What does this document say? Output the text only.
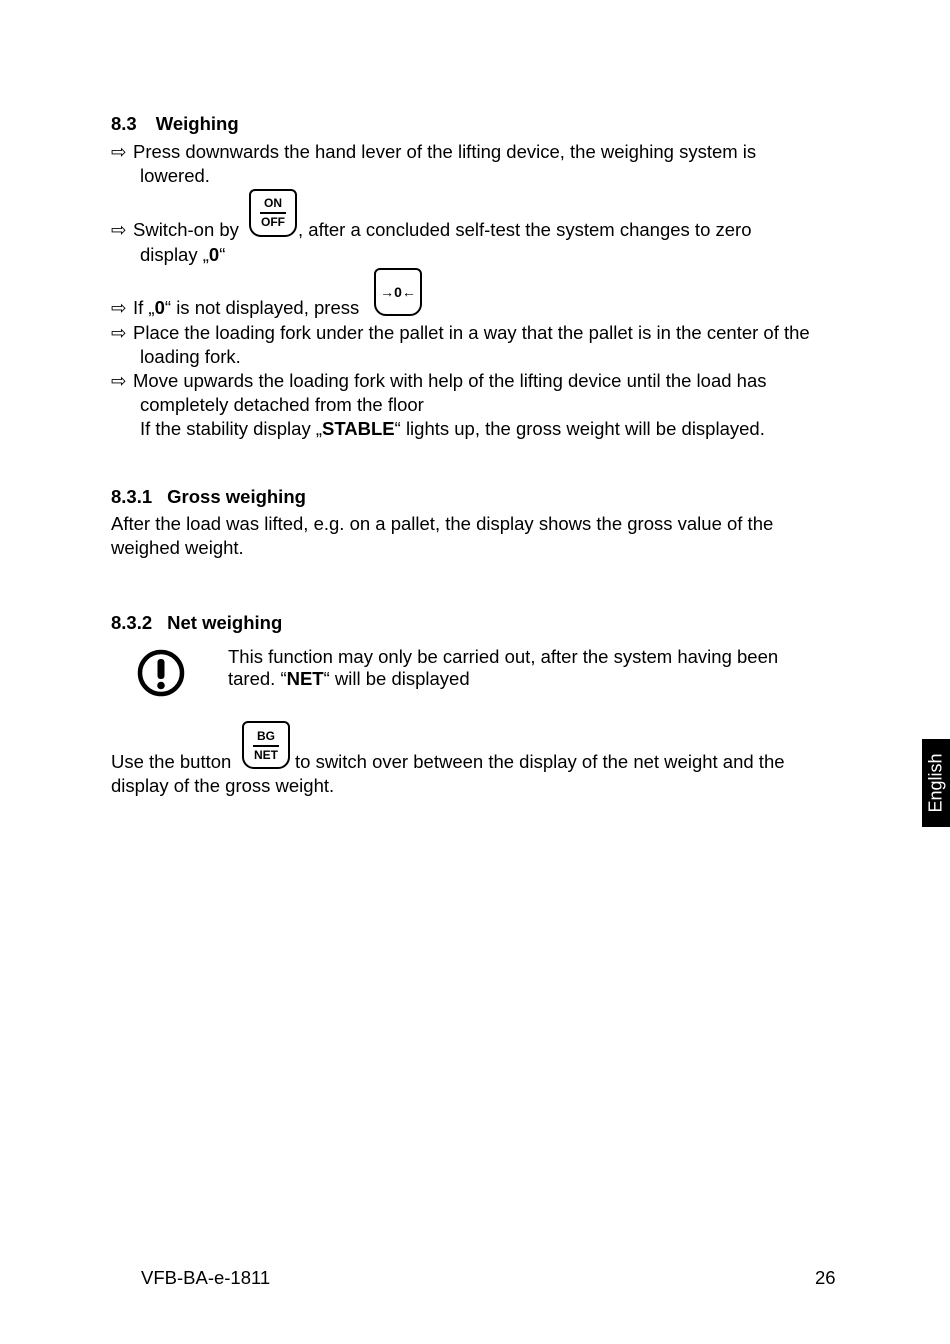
8.3 Weighing
⇨ Press downwards the hand lever of the lifting device, the weighing system is
lowered.
⇨ Switch-on by
ON
OFF , after a concluded self-test the system changes to zero
display „0“
⇨ If „0“ is not displayed, press
→0←
⇨ Place the loading fork under the pallet in a way that the pallet is in the center of the
loading fork.
⇨ Move upwards the loading fork with help of the lifting device until the load has
completely detached from the floor
If the stability display „STABLE“ lights up, the gross weight will be displayed.
8.3.1 Gross weighing
After the load was lifted, e.g. on a pallet, the display shows the gross value of the
weighed weight.
8.3.2 Net weighing
This function may only be carried out, after the system having been
tared. “NET“ will be displayed
Use the button
BG
NET to switch over between the display of the net weight and the
display of the gross weight.	English
VFB-BA-e-1811	26
